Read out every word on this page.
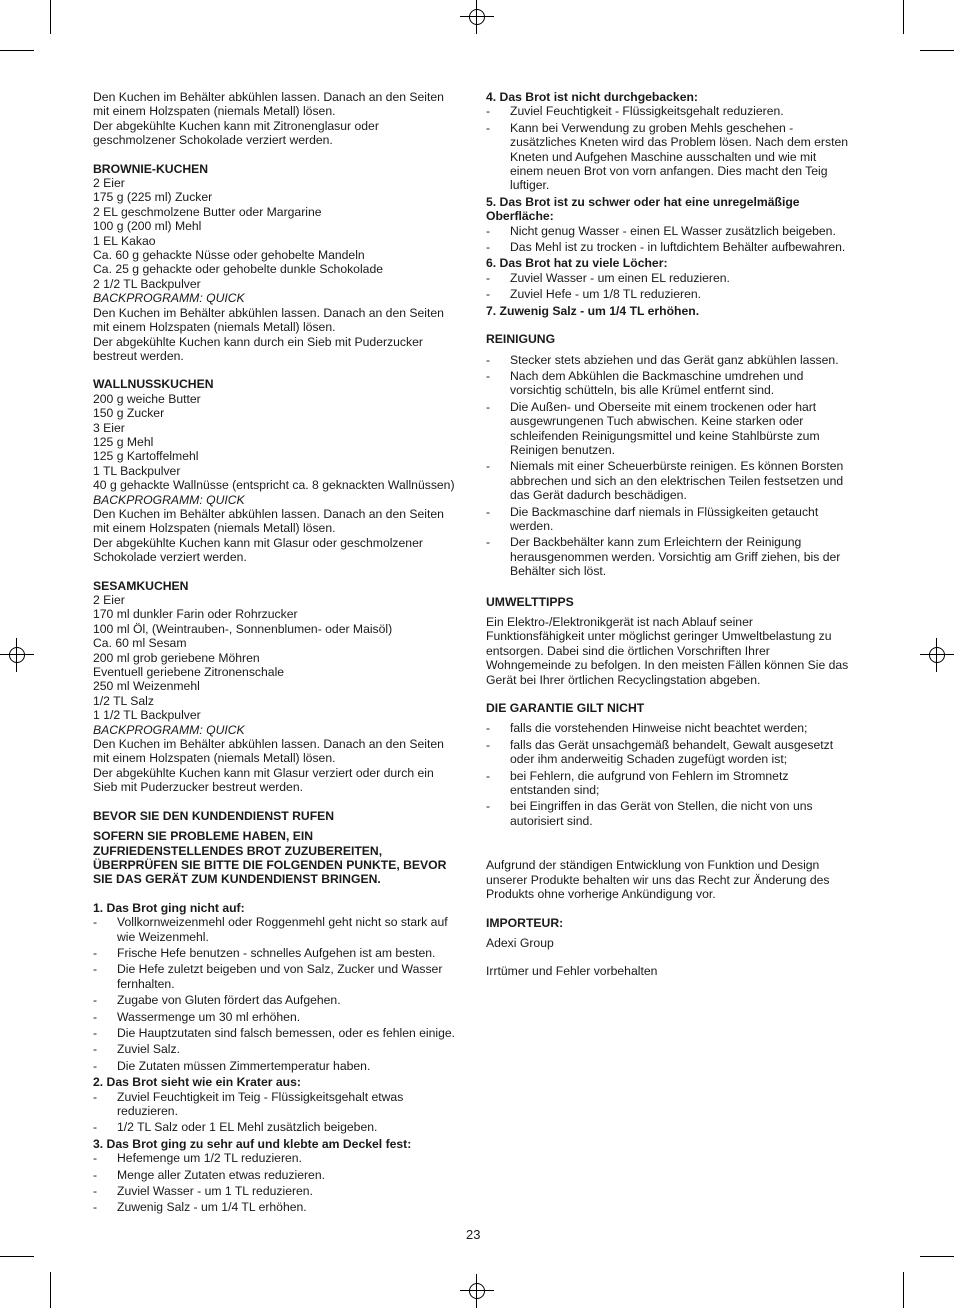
Den Kuchen im Behälter abkühlen lassen. Danach an den Seiten
mit einem Holzspaten (niemals Metall) lösen.
Der abgekühlte Kuchen kann mit Zitronenglasur oder
geschmolzener Schokolade verziert werden.

BROWNIE-KUCHEN

2 Eier
175 g (225 ml) Zucker
2 EL geschmolzene Butter oder Margarine
100 g (200 ml) Mehl
1 EL Kakao
Ca. 60 g gehackte Nüsse oder gehobelte Mandeln
Ca. 25 g gehackte oder gehobelte dunkle Schokolade
2 1/2 TL Backpulver

BACKPROGRAMM: QUICK

Den Kuchen im Behälter abkühlen lassen. Danach an den Seiten
mit einem Holzspaten (niemals Metall) lösen.
Der abgekühlte Kuchen kann durch ein Sieb mit Puderzucker
bestreut werden.

WALLNUSSKUCHEN

200 g weiche Butter
150 g Zucker
3 Eier
125 g Mehl
125 g Kartoffelmehl
1 TL Backpulver
40 g gehackte Wallnüsse (entspricht ca. 8 geknackten Wallnüssen)

BACKPROGRAMM: QUICK

Den Kuchen im Behälter abkühlen lassen. Danach an den Seiten
mit einem Holzspaten (niemals Metall) lösen.
Der abgekühlte Kuchen kann mit Glasur oder geschmolzener
Schokolade verziert werden.

SESAMKUCHEN

2 Eier
170 ml dunkler Farin oder Rohrzucker
100 ml Öl, (Weintrauben-, Sonnenblumen- oder Maisöl)
Ca. 60 ml Sesam
200 ml grob geriebene Möhren
Eventuell geriebene Zitronenschale
250 ml Weizenmehl
1/2 TL Salz
1 1/2 TL Backpulver

BACKPROGRAMM: QUICK

Den Kuchen im Behälter abkühlen lassen. Danach an den Seiten
mit einem Holzspaten (niemals Metall) lösen.
Der abgekühlte Kuchen kann mit Glasur verziert oder durch ein
Sieb mit Puderzucker bestreut werden.

BEVOR SIE DEN KUNDENDIENST RUFEN

SOFERN SIE PROBLEME HABEN, EIN
ZUFRIEDENSTELLENDES BROT ZUZUBEREITEN,
ÜBERPRÜFEN SIE BITTE DIE FOLGENDEN PUNKTE, BEVOR
SIE DAS GERÄT ZUM KUNDENDIENST BRINGEN.

1. Das Brot ging nicht auf:

- Vollkornweizenmehl oder Roggenmehl geht nicht so stark auf
wie Weizenmehl.
- Frische Hefe benutzen - schnelles Aufgehen ist am besten.
- Die Hefe zuletzt beigeben und von Salz, Zucker und Wasser
fernhalten.
- Zugabe von Gluten fördert das Aufgehen.
- Wassermenge um 30 ml erhöhen.
- Die Hauptzutaten sind falsch bemessen, oder es fehlen einige.
- Zuviel Salz.
- Die Zutaten müssen Zimmertemperatur haben.

2. Das Brot sieht wie ein Krater aus:

- Zuviel Feuchtigkeit im Teig - Flüssigkeitsgehalt etwas
reduzieren.
- 1/2 TL Salz oder 1 EL Mehl zusätzlich beigeben.

3. Das Brot ging zu sehr auf und klebte am Deckel fest:

- Hefemenge um 1/2 TL reduzieren.
- Menge aller Zutaten etwas reduzieren.
- Zuviel Wasser - um 1 TL reduzieren.
- Zuwenig Salz - um 1/4 TL erhöhen.

4. Das Brot ist nicht durchgebacken:

- Zuviel Feuchtigkeit - Flüssigkeitsgehalt reduzieren.
- Kann bei Verwendung zu groben Mehls geschehen -
zusätzliches Kneten wird das Problem lösen. Nach dem ersten
Kneten und Aufgehen Maschine ausschalten und wie mit
einem neuen Brot von vorn anfangen. Dies macht den Teig
luftiger.

5. Das Brot ist zu schwer oder hat eine unregelmäßige
Oberfläche:

- Nicht genug Wasser - einen EL Wasser zusätzlich beigeben.
- Das Mehl ist zu trocken - in luftdichtem Behälter aufbewahren.

6. Das Brot hat zu viele Löcher:

- Zuviel Wasser - um einen EL reduzieren.
- Zuviel Hefe - um 1/8 TL reduzieren.

7. Zuwenig Salz - um 1/4 TL erhöhen.

REINIGUNG

- Stecker stets abziehen und das Gerät ganz abkühlen lassen.
- Nach dem Abkühlen die Backmaschine umdrehen und
vorsichtig schütteln, bis alle Krümel entfernt sind.
- Die Außen- und Oberseite mit einem trockenen oder hart
ausgewrungenen Tuch abwischen. Keine starken oder
schleifenden Reinigungsmittel und keine Stahlbürste zum
Reinigen benutzen.
- Niemals mit einer Scheuerbürste reinigen. Es können Borsten
abbrechen und sich an den elektrischen Teilen festsetzen und
das Gerät dadurch beschädigen.
- Die Backmaschine darf niemals in Flüssigkeiten getaucht
werden.
- Der Backbehälter kann zum Erleichtern der Reinigung
herausgenommen werden. Vorsichtig am Griff ziehen, bis der
Behälter sich löst.

UMWELTTIPPS

Ein Elektro-/Elektronikgerät ist nach Ablauf seiner
Funktionsfähigkeit unter möglichst geringer Umweltbelastung zu
entsorgen. Dabei sind die örtlichen Vorschriften Ihrer
Wohngemeinde zu befolgen. In den meisten Fällen können Sie das
Gerät bei Ihrer örtlichen Recyclingstation abgeben.

DIE GARANTIE GILT NICHT

- falls die vorstehenden Hinweise nicht beachtet werden;
- falls das Gerät unsachgemäß behandelt, Gewalt ausgesetzt
oder ihm anderweitig Schaden zugefügt worden ist;
- bei Fehlern, die aufgrund von Fehlern im Stromnetz
entstanden sind;
- bei Eingriffen in das Gerät von Stellen, die nicht von uns
autorisiert sind.

Aufgrund der ständigen Entwicklung von Funktion und Design
unserer Produkte behalten wir uns das Recht zur Änderung des
Produkts ohne vorherige Ankündigung vor.

IMPORTEUR:

Adexi Group

Irrtümer und Fehler vorbehalten

23
